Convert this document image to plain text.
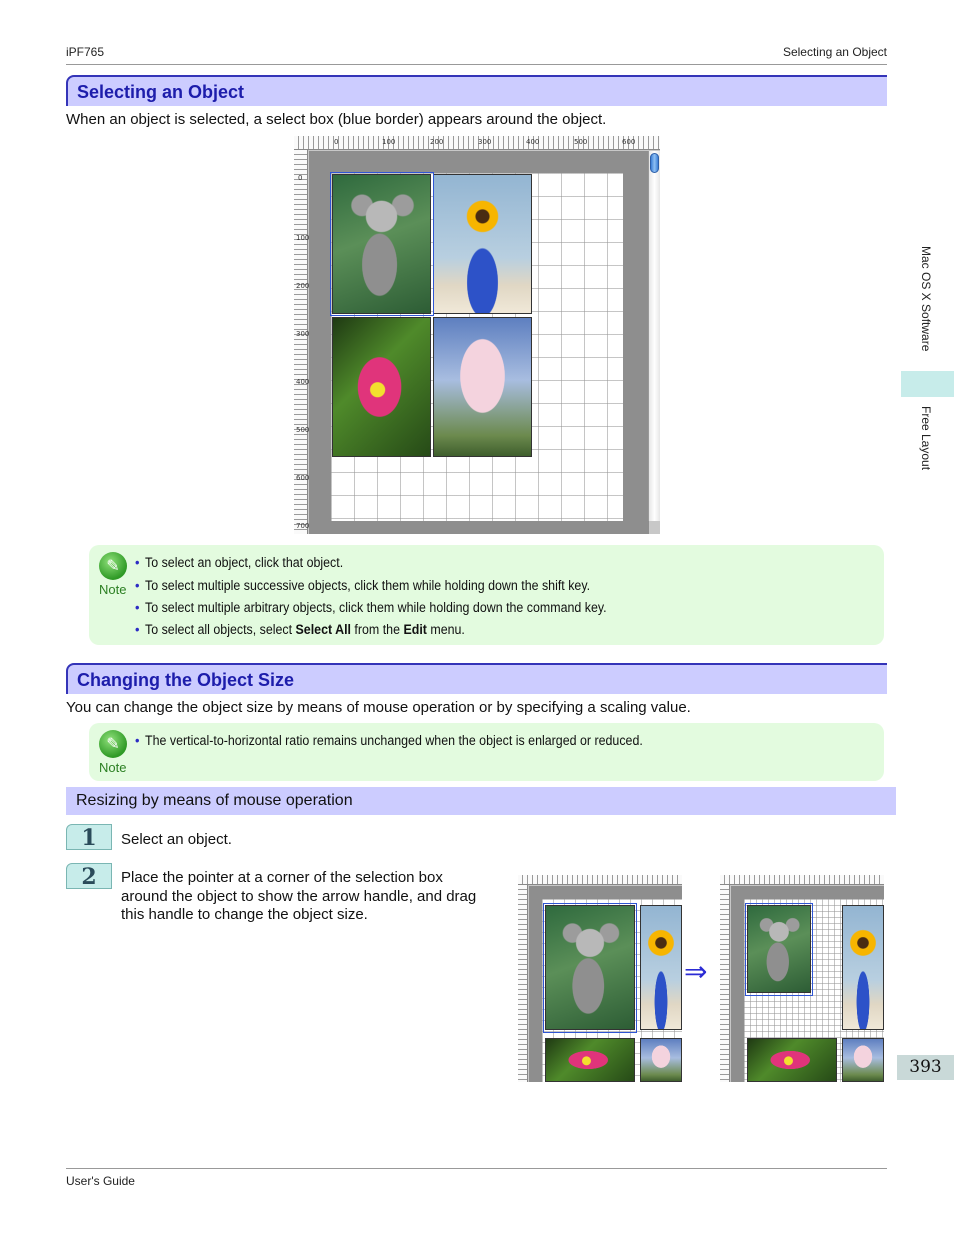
iPF765	Selecting an Object
Selecting an Object
When an object is selected, a select box (blue border) appears around the object.
0	100	200	300	400	500	600
0
100
200
300
400
500
600
700
✎
Note
• To select an object, click that object.
• To select multiple successive objects, click them while holding down the shift key.
• To select multiple arbitrary objects, click them while holding down the command key.
• To select all objects, select Select All from the Edit menu.
Changing the Object Size
You can change the object size by means of mouse operation or by specifying a scaling value.
✎
Note
• The vertical-to-horizontal ratio remains unchanged when the object is enlarged or reduced.
Resizing by means of mouse operation
1	Select an object.
2	Place the pointer at a corner of the selection box
around the object to show the arrow handle, and drag
this handle to change the object size.
⇒
Mac OS X Software
Free Layout
393
User's Guide
